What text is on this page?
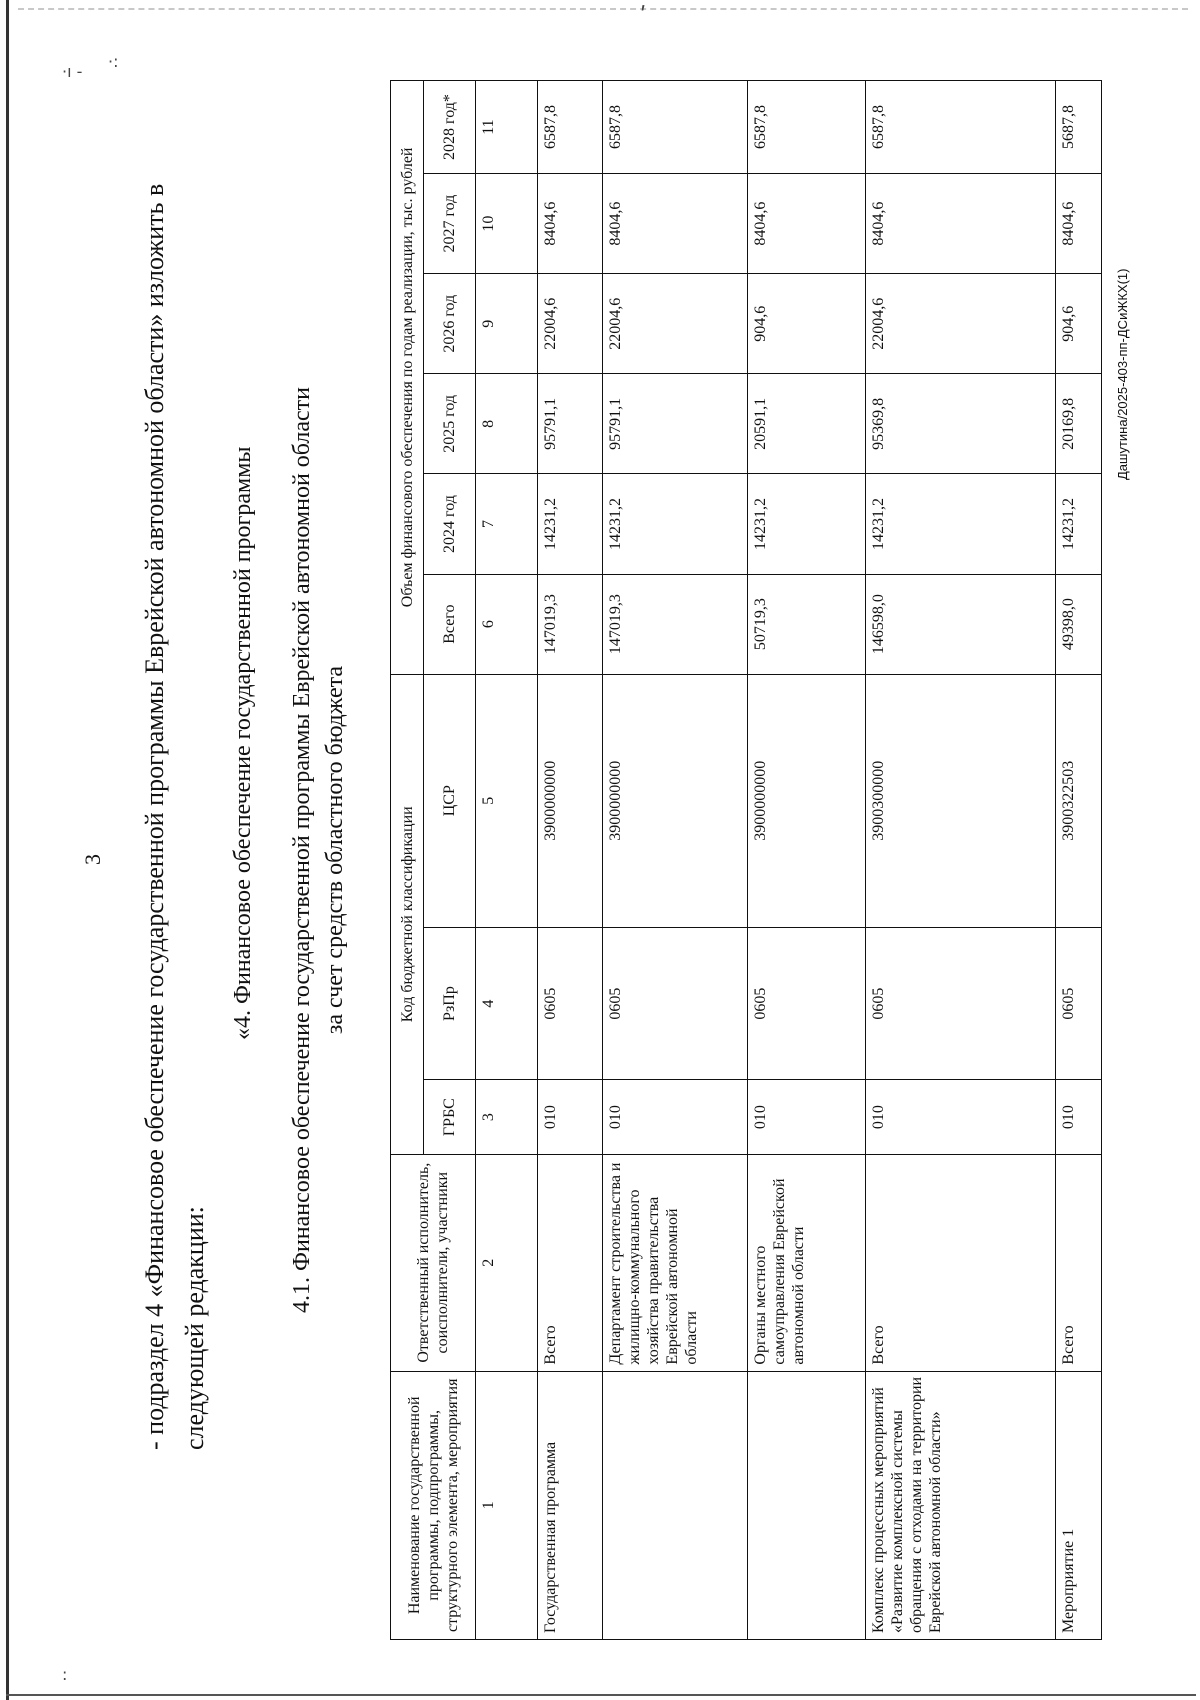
·ı -
·:
ʹ
:
3 - подраздел 4 «Финансовое обеспечение государственной программы Еврейской автономной области» изложить в следующей редакции:
«4. Финансовое обеспечение государственной программы 4.1. Финансовое обеспечение государственной программы Еврейской автономной области за счет средств областного бюджета
Наименование государственной программы, подпрограммы, структурного элемента, мероприятия	Ответственный исполнитель, соисполнители, участники	Код бюджетной классификации			Объем финансового обеспечения по годам реализации, тыс. рублей					
		ГРБС	РзПр	ЦСР	Всего	2024 год	2025 год	2026 год	2027 год	2028 год*
1	2	3	4	5	6	7	8	9	10	11
Государственная программа	Всего	010	0605	3900000000	147019,3	14231,2	95791,1	22004,6	8404,6	6587,8
	Департамент строительства и жилищно-коммунального хозяйства правительства Еврейской автономной области	010	0605	3900000000	147019,3	14231,2	95791,1	22004,6	8404,6	6587,8
	Органы местного самоуправления Еврейской автономной области	010	0605	3900000000	50719,3	14231,2	20591,1	904,6	8404,6	6587,8
Комплекс процессных мероприятий «Развитие комплексной системы обращения с отходами на территории Еврейской автономной области»	Всего	010	0605	3900300000	146598,0	14231,2	95369,8	22004,6	8404,6	6587,8
Мероприятие 1	Всего	010	0605	3900322503	49398,0	14231,2	20169,8	904,6	8404,6	5687,8
Дашутина/2025-403-пп-ДСиЖКХ(1)
